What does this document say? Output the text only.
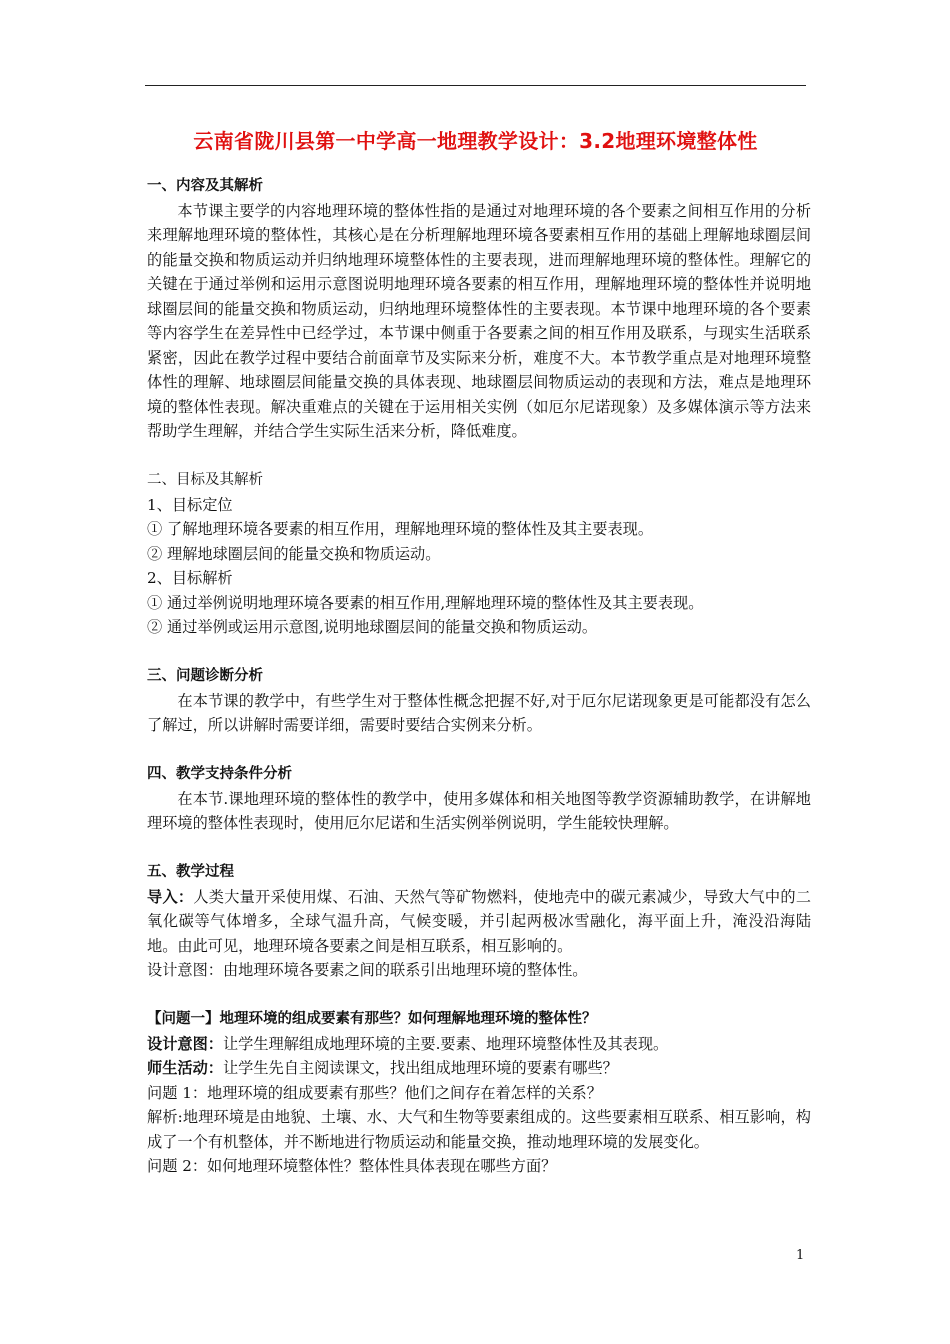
云南省陇川县第一中学高一地理教学设计：3.2地理环境整体性

一、内容及其解析

本节课主要学的内容地理环境的整体性指的是通过对地理环境的各个要素之间相互作用的分析来理解地理环境的整体性，其核心是在分析理解地理环境各要素相互作用的基础上理解地球圈层间的能量交换和物质运动并归纳地理环境整体性的主要表现，进而理解地理环境的整体性。理解它的关键在于通过举例和运用示意图说明地理环境各要素的相互作用，理解地理环境的整体性并说明地球圈层间的能量交换和物质运动，归纳地理环境整体性的主要表现。本节课中地理环境的各个要素等内容学生在差异性中已经学过，本节课中侧重于各要素之间的相互作用及联系，与现实生活联系紧密，因此在教学过程中要结合前面章节及实际来分析，难度不大。本节教学重点是对地理环境整体性的理解、地球圈层间能量交换的具体表现、地球圈层间物质运动的表现和方法，难点是地理环境的整体性表现。解决重难点的关键在于运用相关实例（如厄尔尼诺现象）及多媒体演示等方法来帮助学生理解，并结合学生实际生活来分析，降低难度。

二、目标及其解析

1、目标定位

① 了解地理环境各要素的相互作用，理解地理环境的整体性及其主要表现。

② 理解地球圈层间的能量交换和物质运动。

2、目标解析

① 通过举例说明地理环境各要素的相互作用,理解地理环境的整体性及其主要表现。

② 通过举例或运用示意图,说明地球圈层间的能量交换和物质运动。

三、问题诊断分析

在本节课的教学中，有些学生对于整体性概念把握不好,对于厄尔尼诺现象更是可能都没有怎么了解过，所以讲解时需要详细，需要时要结合实例来分析。

四、教学支持条件分析

在本节.课地理环境的整体性的教学中，使用多媒体和相关地图等教学资源辅助教学，在讲解地理环境的整体性表现时，使用厄尔尼诺和生活实例举例说明，学生能较快理解。

五、教学过程

导入：人类大量开采使用煤、石油、天然气等矿物燃料，使地壳中的碳元素减少，导致大气中的二氧化碳等气体增多，全球气温升高，气候变暖，并引起两极冰雪融化，海平面上升，淹没沿海陆地。由此可见，地理环境各要素之间是相互联系，相互影响的。

设计意图：由地理环境各要素之间的联系引出地理环境的整体性。

【问题一】地理环境的组成要素有那些？如何理解地理环境的整体性？

设计意图：让学生理解组成地理环境的主要.要素、地理环境整体性及其表现。

师生活动：让学生先自主阅读课文，找出组成地理环境的要素有哪些？

问题 1：地理环境的组成要素有那些？他们之间存在着怎样的关系？

解析:地理环境是由地貌、土壤、水、大气和生物等要素组成的。这些要素相互联系、相互影响，构成了一个有机整体，并不断地进行物质运动和能量交换，推动地理环境的发展变化。

问题 2：如何地理环境整体性？整体性具体表现在哪些方面？

1
